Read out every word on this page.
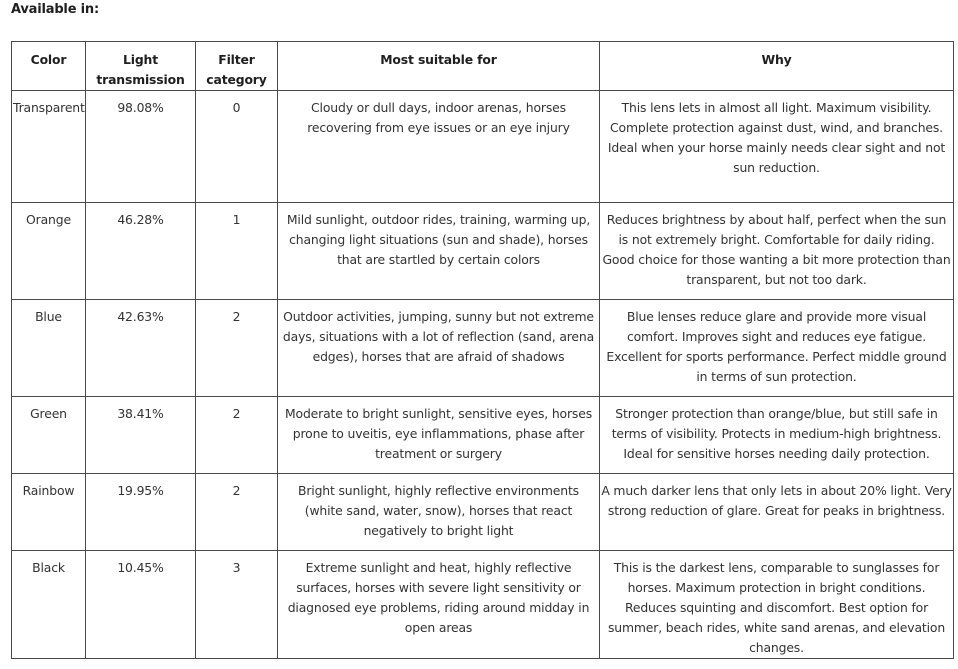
Available in:
Color	Light transmission	Filter category	Most suitable for	Why
Transparent	98.08%	0	Cloudy or dull days, indoor arenas, horses recovering from eye issues or an eye injury	This lens lets in almost all light. Maximum visibility. Complete protection against dust, wind, and branches. Ideal when your horse mainly needs clear sight and not sun reduction.
Orange	46.28%	1	Mild sunlight, outdoor rides, training, warming up, changing light situations (sun and shade), horses that are startled by certain colors	Reduces brightness by about half, perfect when the sun is not extremely bright. Comfortable for daily riding. Good choice for those wanting a bit more protection than transparent, but not too dark.
Blue	42.63%	2	Outdoor activities, jumping, sunny but not extreme days, situations with a lot of reflection (sand, arena edges), horses that are afraid of shadows	Blue lenses reduce glare and provide more visual comfort. Improves sight and reduces eye fatigue. Excellent for sports performance. Perfect middle ground in terms of sun protection.
Green	38.41%	2	Moderate to bright sunlight, sensitive eyes, horses prone to uveitis, eye inflammations, phase after treatment or surgery	Stronger protection than orange/blue, but still safe in terms of visibility. Protects in medium-high brightness. Ideal for sensitive horses needing daily protection.
Rainbow	19.95%	2	Bright sunlight, highly reflective environments (white sand, water, snow), horses that react negatively to bright light	A much darker lens that only lets in about 20% light. Very strong reduction of glare. Great for peaks in brightness.
Black	10.45%	3	Extreme sunlight and heat, highly reflective surfaces, horses with severe light sensitivity or diagnosed eye problems, riding around midday in open areas	This is the darkest lens, comparable to sunglasses for horses. Maximum protection in bright conditions. Reduces squinting and discomfort. Best option for summer, beach rides, white sand arenas, and elevation changes.
